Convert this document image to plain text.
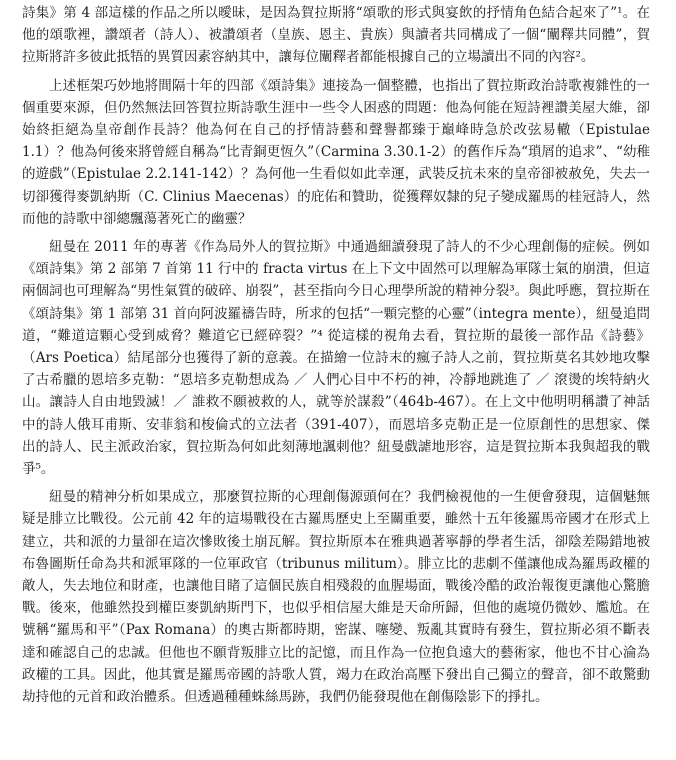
詩集》第 4 部這樣的作品之所以曖昧，是因為賀拉斯將“頌歌的形式與宴飲的抒情角色結合起來了”¹。在他的頌歌裡，讚頌者（詩人）、被讚頌者（皇族、恩主、貴族）與讀者共同構成了一個“闡釋共同體”，賀拉斯將許多彼此抵牾的異質因素容納其中，讓每位闡釋者都能根據自己的立場讀出不同的內容²。

上述框架巧妙地將間隔十年的四部《頌詩集》連接為一個整體，也指出了賀拉斯政治詩歌複雜性的一個重要來源，但仍然無法回答賀拉斯詩歌生涯中一些令人困惑的問題：他為何能在短詩裡讚美屋大維，卻始終拒絕為皇帝創作長詩？他為何在自己的抒情詩藝和聲譽都臻于巔峰時急於改弦易轍（Epistulae 1.1）？他為何後來將曾經自稱為“比青銅更恆久”（Carmina 3.30.1-2）的舊作斥為“瑣屑的追求”、“幼稚的遊戲”（Epistulae 2.2.141-142）？為何他一生看似如此幸運，武裝反抗未來的皇帝卻被赦免，失去一切卻獲得麥凱納斯（C. Clinius Maecenas）的庇佑和贊助，從獲釋奴隸的兒子變成羅馬的桂冠詩人，然而他的詩歌中卻總飄蕩著死亡的幽靈？

紐曼在 2011 年的專著《作為局外人的賀拉斯》中通過細讀發現了詩人的不少心理創傷的症候。例如《頌詩集》第 2 部第 7 首第 11 行中的 fracta virtus 在上下文中固然可以理解為軍隊士氣的崩潰，但這兩個詞也可理解為“男性氣質的破碎、崩裂”，甚至指向今日心理學所說的精神分裂³。與此呼應，賀拉斯在《頌詩集》第 1 部第 31 首向阿波羅禱告時，所求的包括“一顆完整的心靈”（integra mente），紐曼追問道，“難道這顆心受到威脅？難道它已經碎裂？”⁴ 從這樣的視角去看，賀拉斯的最後一部作品《詩藝》（Ars Poetica）結尾部分也獲得了新的意義。在描繪一位詩末的瘋子詩人之前，賀拉斯莫名其妙地攻擊了古希臘的恩培多克勒：“恩培多克勒想成為 ／ 人們心目中不朽的神，冷靜地跳進了 ／ 滾燙的埃特納火山。讓詩人自由地毀滅！／ 誰救不願被救的人，就等於謀殺”（464b-467）。在上文中他明明稱讚了神話中的詩人俄耳甫斯、安菲翁和梭倫式的立法者（391-407），而恩培多克勒正是一位原創性的思想家、傑出的詩人、民主派政治家，賀拉斯為何如此刻薄地諷刺他？紐曼戲謔地形容，這是賀拉斯本我與超我的戰爭⁵。

紐曼的精神分析如果成立，那麼賀拉斯的心理創傷源頭何在？我們檢視他的一生便會發現，這個魅無疑是腓立比戰役。公元前 42 年的這場戰役在古羅馬歷史上至關重要，雖然十五年後羅馬帝國才在形式上建立，共和派的力量卻在這次慘敗後土崩瓦解。賀拉斯原本在雅典過著寧靜的學者生活，卻陰差陽錯地被布魯圖斯任命為共和派軍隊的一位軍政官（tribunus militum）。腓立比的悲劇不僅讓他成為羅馬政權的敵人，失去地位和財產，也讓他目睹了這個民族自相殘殺的血腥場面，戰後冷酷的政治報復更讓他心驚膽戰。後來，他雖然投到權臣麥凱納斯門下，也似乎相信屋大維是天命所歸，但他的處境仍微妙、尷尬。在號稱“羅馬和平”（Pax Romana）的奧古斯都時期，密謀、噻變、叛亂其實時有發生，賀拉斯必須不斷表達和確認自己的忠誠。但他也不願背叛腓立比的記憶，而且作為一位抱負遠大的藝術家，他也不甘心淪為政權的工具。因此，他其實是羅馬帝國的詩歌人質，竭力在政治高壓下發出自己獨立的聲音，卻不敢驚動劫持他的元首和政治體系。但透過種種蛛絲馬跡，我們仍能發現他在創傷陰影下的掙扎。
